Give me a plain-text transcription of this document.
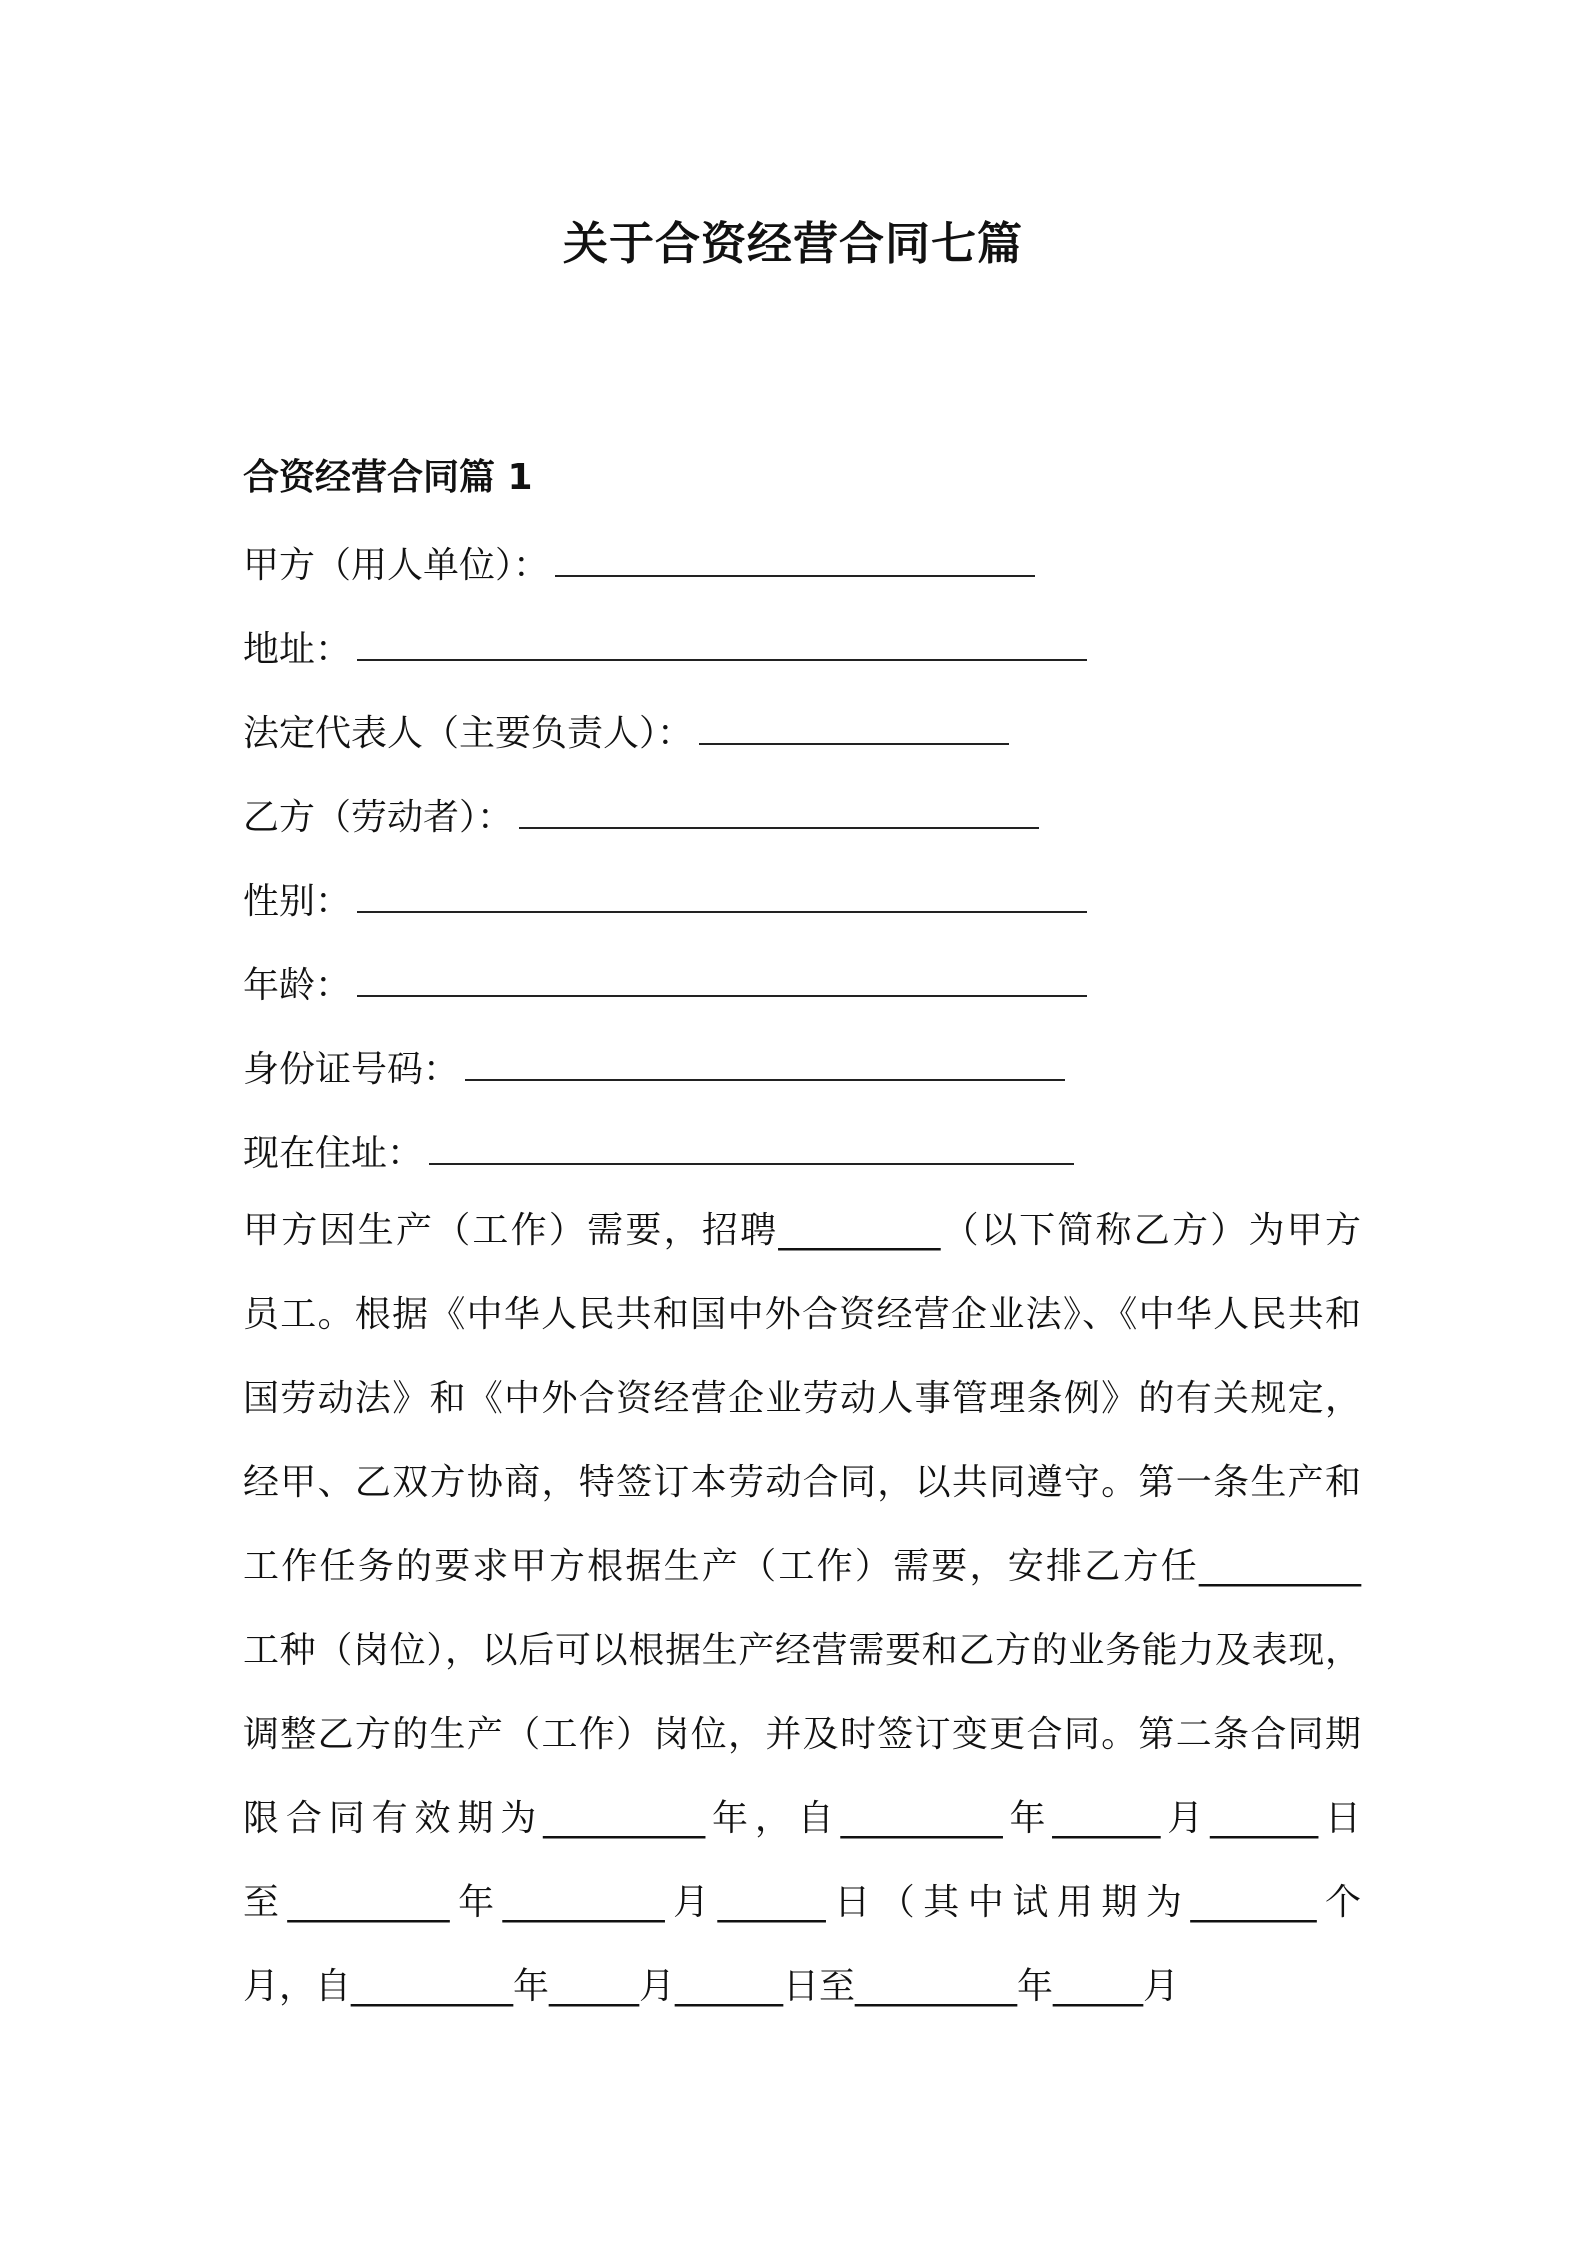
关于合资经营合同七篇
合资经营合同篇 1
甲方（用人单位）：
地址：
法定代表人（主要负责人）：
乙方（劳动者）：
性别：
年龄：
身份证号码：
现在住址：
甲方因生产（工作）需要，招聘_________（以下简称乙方）为甲方
员工。根据《中华人民共和国中外合资经营企业法》、《中华人民共和
国劳动法》和《中外合资经营企业劳动人事管理条例》的有关规定，
经甲、乙双方协商，特签订本劳动合同，以共同遵守。第一条生产和
工作任务的要求甲方根据生产（工作）需要，安排乙方任_________
工种（岗位），以后可以根据生产经营需要和乙方的业务能力及表现，
调整乙方的生产（工作）岗位，并及时签订变更合同。第二条合同期
限合同有效期为_________年，自_________年______月______日
至_________年_________月______日（其中试用期为_______个
月，自_________年_____月______日至_________年_____月
